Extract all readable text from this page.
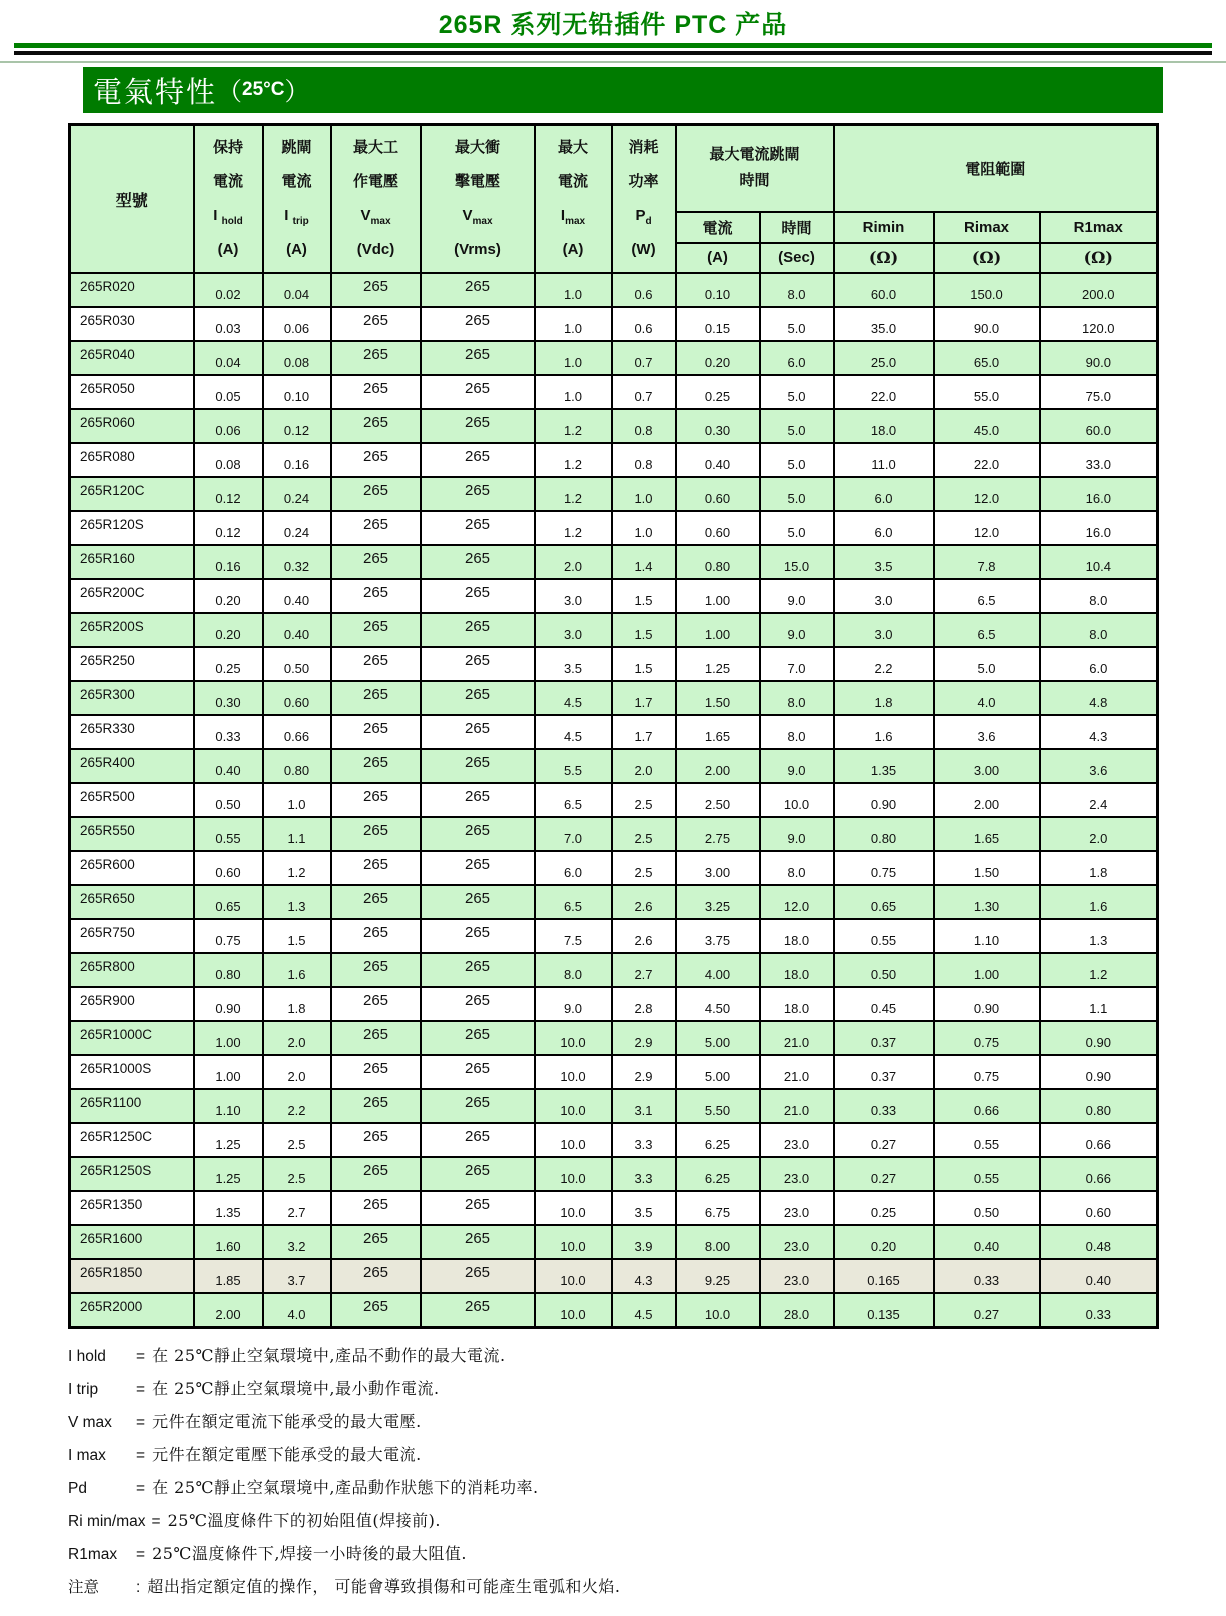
265R 系列无铅插件 PTC 产品
電氣特性 （ 25°C ）
型號	
保持
電流
I $_{hold}$
(A)

跳閘
電流
I $_{trip}$
(A)

最大工
作電壓
$V_{max}$
(Vdc)

最大衝
擊電壓
$V_{max}$
(Vrms)

最大
電流
$I_{max}$
(A)

消耗
功率
$P_d$
(W)

最大電流跳閘
時間
	電阻範圍
							電流	時間	Rimin	Rimax	R1max
							(A)	(Sec)	(Ω)	(Ω)	(Ω)
265R020	0.02	0.04	265	265	1.0	0.6	0.10	8.0	60.0	150.0	200.0
265R030	0.03	0.06	265	265	1.0	0.6	0.15	5.0	35.0	90.0	120.0
265R040	0.04	0.08	265	265	1.0	0.7	0.20	6.0	25.0	65.0	90.0
265R050	0.05	0.10	265	265	1.0	0.7	0.25	5.0	22.0	55.0	75.0
265R060	0.06	0.12	265	265	1.2	0.8	0.30	5.0	18.0	45.0	60.0
265R080	0.08	0.16	265	265	1.2	0.8	0.40	5.0	11.0	22.0	33.0
265R120C	0.12	0.24	265	265	1.2	1.0	0.60	5.0	6.0	12.0	16.0
265R120S	0.12	0.24	265	265	1.2	1.0	0.60	5.0	6.0	12.0	16.0
265R160	0.16	0.32	265	265	2.0	1.4	0.80	15.0	3.5	7.8	10.4
265R200C	0.20	0.40	265	265	3.0	1.5	1.00	9.0	3.0	6.5	8.0
265R200S	0.20	0.40	265	265	3.0	1.5	1.00	9.0	3.0	6.5	8.0
265R250	0.25	0.50	265	265	3.5	1.5	1.25	7.0	2.2	5.0	6.0
265R300	0.30	0.60	265	265	4.5	1.7	1.50	8.0	1.8	4.0	4.8
265R330	0.33	0.66	265	265	4.5	1.7	1.65	8.0	1.6	3.6	4.3
265R400	0.40	0.80	265	265	5.5	2.0	2.00	9.0	1.35	3.00	3.6
265R500	0.50	1.0	265	265	6.5	2.5	2.50	10.0	0.90	2.00	2.4
265R550	0.55	1.1	265	265	7.0	2.5	2.75	9.0	0.80	1.65	2.0
265R600	0.60	1.2	265	265	6.0	2.5	3.00	8.0	0.75	1.50	1.8
265R650	0.65	1.3	265	265	6.5	2.6	3.25	12.0	0.65	1.30	1.6
265R750	0.75	1.5	265	265	7.5	2.6	3.75	18.0	0.55	1.10	1.3
265R800	0.80	1.6	265	265	8.0	2.7	4.00	18.0	0.50	1.00	1.2
265R900	0.90	1.8	265	265	9.0	2.8	4.50	18.0	0.45	0.90	1.1
265R1000C	1.00	2.0	265	265	10.0	2.9	5.00	21.0	0.37	0.75	0.90
265R1000S	1.00	2.0	265	265	10.0	2.9	5.00	21.0	0.37	0.75	0.90
265R1100	1.10	2.2	265	265	10.0	3.1	5.50	21.0	0.33	0.66	0.80
265R1250C	1.25	2.5	265	265	10.0	3.3	6.25	23.0	0.27	0.55	0.66
265R1250S	1.25	2.5	265	265	10.0	3.3	6.25	23.0	0.27	0.55	0.66
265R1350	1.35	2.7	265	265	10.0	3.5	6.75	23.0	0.25	0.50	0.60
265R1600	1.60	3.2	265	265	10.0	3.9	8.00	23.0	0.20	0.40	0.48
265R1850	1.85	3.7	265	265	10.0	4.3	9.25	23.0	0.165	0.33	0.40
265R2000	2.00	4.0	265	265	10.0	4.5	10.0	28.0	0.135	0.27	0.33
I hold	= 在 25℃靜止空氣環境中,產品不動作的最大電流.
I trip	= 在 25℃靜止空氣環境中,最小動作電流.
V max	= 元件在額定電流下能承受的最大電壓.
I max	= 元件在額定電壓下能承受的最大電流.
Pd	= 在 25℃靜止空氣環境中,產品動作狀態下的消耗功率.
Ri min/max = 25℃溫度條件下的初始阻值(焊接前).
R1max	= 25℃溫度條件下,焊接一小時後的最大阻值.
注意	: 超出指定額定值的操作， 可能會導致損傷和可能產生電弧和火焰.
